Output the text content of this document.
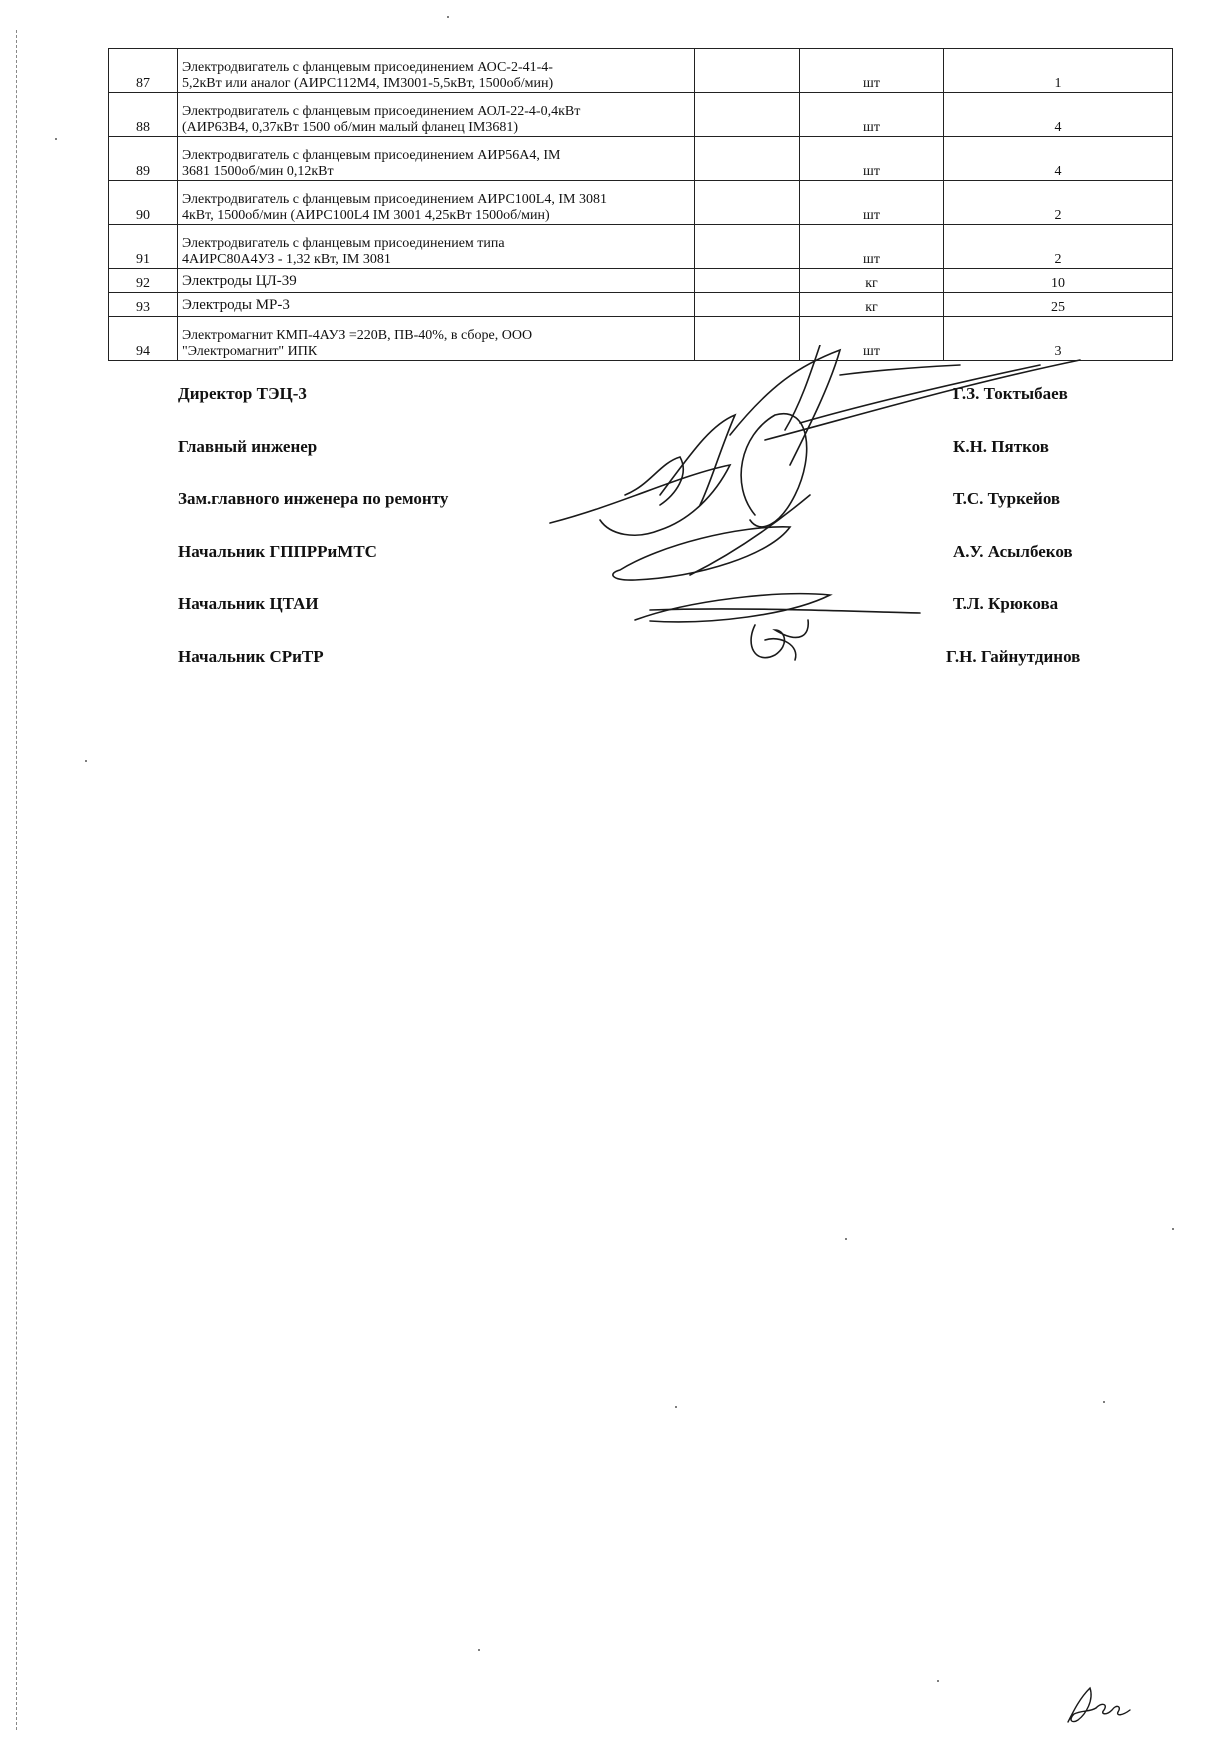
87	Электродвигатель с фланцевым присоединением АОС-2-41-4-
5,2кВт или аналог (АИРС112М4, IM3001-5,5кВт, 1500об/мин)		шт	1
88	Электродвигатель с фланцевым присоединением АОЛ-22-4-0,4кВт
(АИР63В4, 0,37кВт 1500 об/мин малый фланец IM3681)		шт	4
89	Электродвигатель с фланцевым присоединением АИР56А4, IM
3681 1500об/мин 0,12кВт		шт	4
90	Электродвигатель с фланцевым присоединением АИРС100L4, IM 3081
4кВт, 1500об/мин (АИРС100L4 IM 3001 4,25кВт 1500об/мин)		шт	2
91	Электродвигатель с фланцевым присоединением типа
4АИРС80А4УЗ - 1,32 кВт, IM 3081		шт	2
92	Электроды ЦЛ-39		кг	10
93	Электроды МР-3		кг	25
94	Электромагнит КМП-4АУЗ =220В, ПВ-40%, в сборе, ООО
"Электромагнит" ИПК		шт	3
Директор ТЭЦ-3	Г.З. Токтыбаев
Главный инженер	К.Н. Пятков
Зам.главного инженера по ремонту	Т.С. Туркейов
Начальник ГППРРиМТС	А.У. Асылбеков
Начальник ЦТАИ	Т.Л. Крюкова
Начальник СРиТР	Г.Н. Гайнутдинов
